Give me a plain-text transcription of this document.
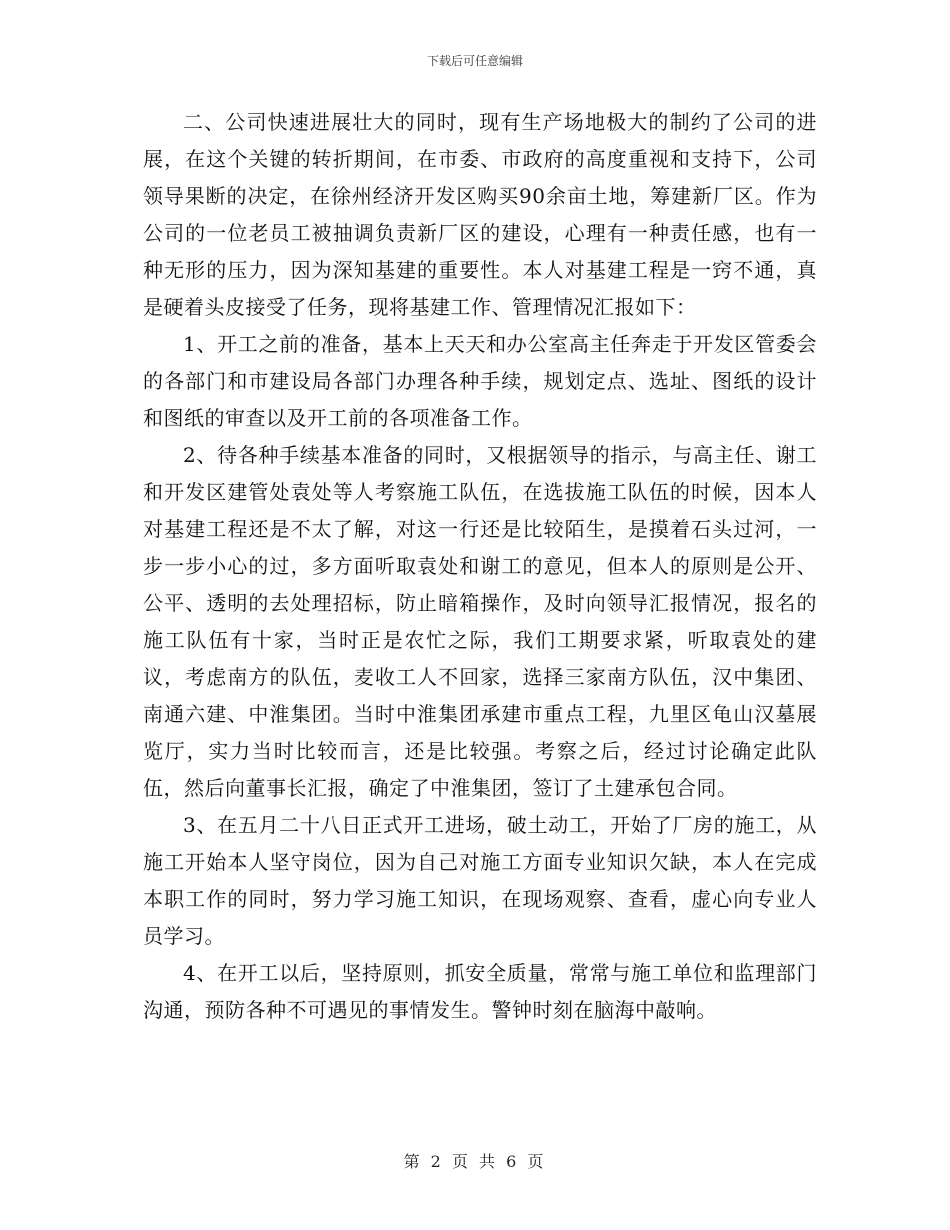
下载后可任意编辑

二、公司快速进展壮大的同时，现有生产场地极大的制约了公司的进展，在这个关键的转折期间，在市委、市政府的高度重视和支持下，公司领导果断的决定，在徐州经济开发区购买90余亩土地，筹建新厂区。作为公司的一位老员工被抽调负责新厂区的建设，心理有一种责任感，也有一种无形的压力，因为深知基建的重要性。本人对基建工程是一窍不通，真是硬着头皮接受了任务，现将基建工作、管理情况汇报如下：

1、开工之前的准备，基本上天天和办公室高主任奔走于开发区管委会的各部门和市建设局各部门办理各种手续，规划定点、选址、图纸的设计和图纸的审查以及开工前的各项准备工作。

2、待各种手续基本准备的同时，又根据领导的指示，与高主任、谢工和开发区建管处袁处等人考察施工队伍，在选拔施工队伍的时候，因本人对基建工程还是不太了解，对这一行还是比较陌生，是摸着石头过河，一步一步小心的过，多方面听取袁处和谢工的意见，但本人的原则是公开、公平、透明的去处理招标，防止暗箱操作，及时向领导汇报情况，报名的施工队伍有十家，当时正是农忙之际，我们工期要求紧，听取袁处的建议，考虑南方的队伍，麦收工人不回家，选择三家南方队伍，汉中集团、南通六建、中淮集团。当时中淮集团承建市重点工程，九里区龟山汉墓展览厅，实力当时比较而言，还是比较强。考察之后，经过讨论确定此队伍，然后向董事长汇报，确定了中淮集团，签订了土建承包合同。

3、在五月二十八日正式开工进场，破土动工，开始了厂房的施工，从施工开始本人坚守岗位，因为自己对施工方面专业知识欠缺，本人在完成本职工作的同时，努力学习施工知识，在现场观察、查看，虚心向专业人员学习。

4、在开工以后，坚持原则，抓安全质量，常常与施工单位和监理部门沟通，预防各种不可遇见的事情发生。警钟时刻在脑海中敲响。

第 2 页 共 6 页
